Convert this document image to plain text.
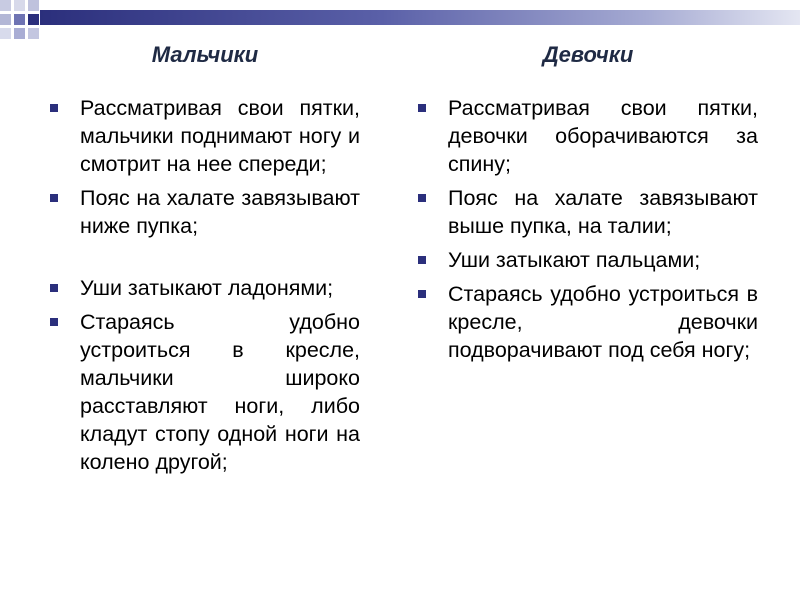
Мальчики
Рассматривая свои пятки, мальчики поднимают ногу и смотрит на нее спереди;
Пояс на халате завязывают ниже пупка;
Уши затыкают ладонями;
Стараясь удобно устроиться в кресле, мальчики широко расставляют ноги, либо кладут стопу одной ноги на колено другой;
Девочки
Рассматривая свои пятки, девочки оборачиваются за спину;
Пояс на халате завязывают выше пупка, на талии;
Уши затыкают пальцами;
Стараясь удобно устроиться в кресле, девочки подворачивают под себя ногу;
